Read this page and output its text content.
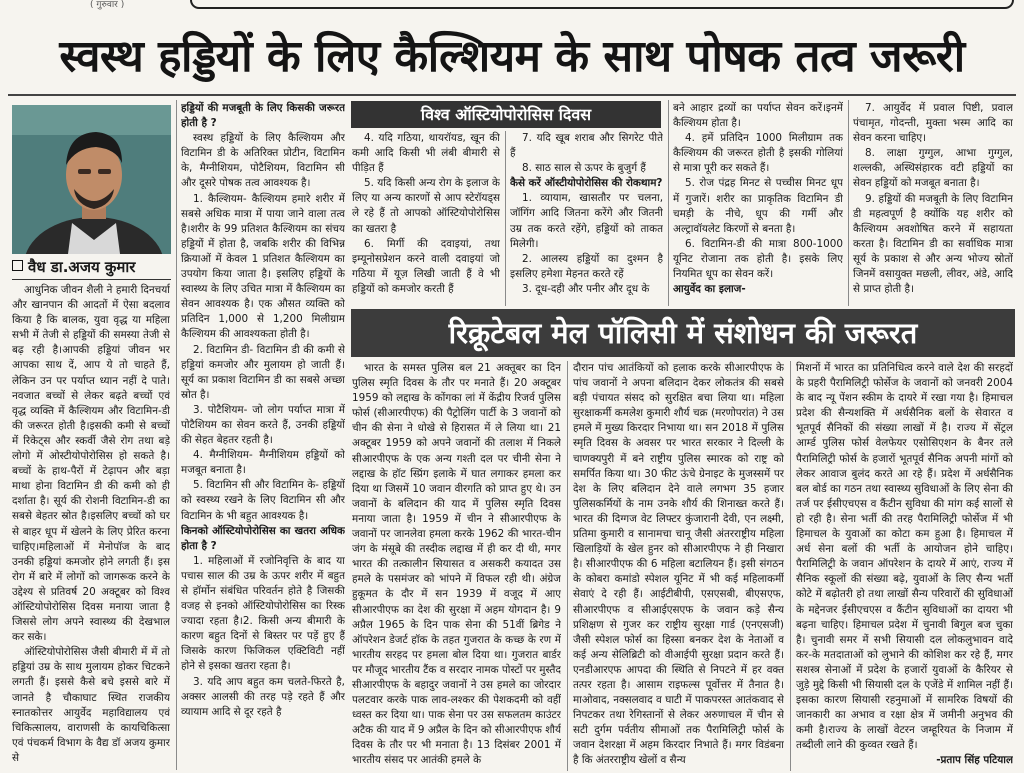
( गुरुवार )
स्वस्थ हड्डियों के लिए कैल्शियम के साथ पोषक तत्व जरूरी
वैध डा.अजय कुमार

आधुनिक जीवन शैली ने हमारी दिनचर्या और खानपान की आदतों में ऐसा बदलाव किया है कि बालक, युवा वृद्ध या महिला सभी में तेजी से हड्डियों की समस्या तेजी से बढ़ रही है।आपकी हड्डियां जीवन भर आपका साथ दें, आप ये तो चाहते हैं, लेकिन उन पर पर्याप्त ध्यान नहीं दे पाते। नवजात बच्चों से लेकर बढ़ते बच्चों एवं वृद्ध व्यक्ति में कैल्शियम और विटामिन-डी की जरूरत होती है।इसकी कमी से बच्चों में रिकेट्स और स्कर्वी जैसे रोग तथा बड़े लोगो में ओस्टीयोपोरोसिस हो सकते है।बच्चों के हाथ-पैरों में टेढ़ापन और बड़ा माथा होना विटामिन डी की कमी को ही दर्शाता है। सूर्य की रोशनी विटामिन-डी का सबसे बेहतर स्रोत है।इसलिए बच्चों को घर से बाहर धूप में खेलने के लिए प्रेरित करना चाहिए।महिलाओं में मेनोपॉज के बाद उनकी हड्डियां कमजोर होने लगती हैं। इस रोग में बारे में लोगों को जागरूक करने के उद्देश्य से प्रतिवर्ष 20 अक्टूबर को विश्व ऑस्टियोपोरोसिस दिवस मनाया जाता है जिससे लोग अपने स्वास्थ्य की देखभाल कर सके।

ऑस्टियोपोरोसिस जैसी बीमारी में में तो हड्डियां उम्र के साथ मुलायम होकर चिटकने लगती हैं। इससे कैसे बचे इससे बारे में जानते है चौकाघाट स्थित राजकीय स्नातकोत्तर आयुर्वेद महाविद्यालय एवं चिकित्सालय, वाराणसी के कायचिकित्सा एवं पंचकर्म विभाग के वैद्य डॉ अजय कुमार से

हड्डियों की मजबूती के लिए किसकी जरूरत होती है ?

स्वस्थ हड्डियों के लिए कैल्शियम और विटामिन डी के अतिरिक्त प्रोटीन, विटामिन के, मैग्नीशियम, पोटैशियम, विटामिन सी और दूसरे पोषक तत्व आवश्यक है।

1. कैल्शियम- कैल्शियम हमारे शरीर में सबसे अधिक मात्रा में पाया जाने वाला तत्व है।शरीर के 99 प्रतिशत कैल्शियम का संचय हड्डियों में होता है, जबकि शरीर की विभिन्न क्रियाओं में केवल 1 प्रतिशत कैल्शियम का उपयोग किया जाता है। इसलिए हड्डियों के स्वास्थ्य के लिए उचित मात्रा में कैल्शियम का सेवन आवश्यक है। एक औसत व्यक्ति को प्रतिदिन 1,000 से 1,200 मिलीग्राम कैल्शियम की आवश्यकता होती है।

2. विटामिन डी- विटामिन डी की कमी से हड्डियां कमजोर और मुलायम हो जाती हैं। सूर्य का प्रकाश विटामिन डी का सबसे अच्छा स्रोत है।

3. पोटैशियम- जो लोग पर्याप्त मात्रा में पोटैशियम का सेवन करते हैं, उनकी हड्डियों की सेहत बेहतर रहती है।

4. मैग्नीशियम- मैग्नीशियम हड्डियों को मजबूत बनाता है।

5. विटामिन सी और विटामिन के- हड्डियों को स्वस्थ्य रखने के लिए विटामिन सी और विटामिन के भी बहुत आवश्यक है।

किनको ऑस्टियोपोरोसिस का खतरा अधिक होता है ?

1. महिलाओं में रजोनिवृत्ति के बाद या पचास साल की उम्र के ऊपर शरीर में बहुत से हॉर्मोन संबंधित परिवर्तन होते है जिसकी वजह से इनको ऑस्टियोपोरोसिस का रिस्क ज्यादा रहता है।2. किसी अन्य बीमारी के कारण बहुत दिनों से बिस्तर पर पड़ें हुए हैं जिसके कारण फिजिकल एक्टिविटी नहीं होने से इसका खतरा रहता है।

3. यदि आप बहुत कम चलते-फिरते है, अक्सर आलसी की तरह पड़े रहते हैं और व्यायाम आदि से दूर रहते है

विश्व ऑस्टियोपोरोसिस दिवस

4. यदि गठिया, थायरॉयड, खून की कमी आदि किसी भी लंबी बीमारी से पीड़ित हैं

5. यदि किसी अन्य रोग के इलाज के लिए या अन्य कारणों से आप स्टेरॉयड्स ले रहे हैं तो आपको ऑस्टियोपोरोसिस का खतरा है

6. मिर्गी की दवाइयां, तथा इम्यूनोसप्रेशन करने वाली दवाइयां जो गठिया में यूज़ लिखी जाती हैं वे भी हड्डियों को कमजोर करती हैं

7. यदि खूब शराब और सिगरेट पीते हैं

8. साठ साल से ऊपर के बुजुर्ग हैं

कैसे करें ऑस्टीयोपोरोसिस की रोकथाम?

1. व्यायाम, खासतौर पर चलना, जॉगिंग आदि जितना करेंगे और जितनी उम्र तक करते रहेंगे, हड्डियों को ताकत मिलेगी।

2. आलस्य हड्डियों का दुश्मन है इसलिए हमेशा मेहनत करते रहें

3. दूध-दही और पनीर और दूध के

बने आहार द्रव्यों का पर्याप्त सेवन करें।इनमें कैल्शियम होता है।

4. हमें प्रतिदिन 1000 मिलीग्राम तक कैल्शियम की जरूरत होती है इसकी गोलियां से मात्रा पूरी कर सकते हैं।

5. रोज पंद्रह मिनट से पच्चीस मिनट धूप में गुजारें। शरीर का प्राकृतिक विटामिन डी चमड़ी के नीचे, धूप की गर्मी और अल्ट्रावॉयलेट किरणों से बनता है।

6. विटामिन-डी की मात्रा 800-1000 यूनिट रोजाना तक होती है। इसके लिए नियमित धूप का सेवन करें।

आयुर्वेद का इलाज-

7. आयुर्वेद में प्रवाल पिष्टी, प्रवाल पंचामृत, गोदन्ती, मुक्ता भस्म आदि का सेवन करना चाहिए।

8. लाक्षा गुग्गुल, आभा गुग्गुल, शल्लकी, अस्थिसंहारक वटी हड्डियों का सेवन हड्डियों को मजबूत बनाता है।

9. हड्डियों की मजबूती के लिए विटामिन डी महत्वपूर्ण है क्योंकि यह शरीर को कैल्शियम अवशोषित करने में सहायता करता है। विटामिन डी का सर्वाधिक मात्रा सूर्य के प्रकाश से और अन्य भोज्य स्रोतों जिनमें वसायुक्त मछली, लीवर, अंडे, आदि से प्राप्त होती है।

रिक्रूटेबल मेल पॉलिसी में संशोधन की जरूरत

भारत के समस्त पुलिस बल 21 अक्तूबर का दिन पुलिस स्मृति दिवस के तौर पर मनाते हैं। 20 अक्टूबर 1959 को लद्दाख के कोंगका लां में केंद्रीय रिजर्व पुलिस फोर्स (सीआरपीएफ) की पैट्रोलिंग पार्टी के 3 जवानों को चीन की सेना ने धोखे से हिरासत में ले लिया था। 21 अक्टूबर 1959 को अपने जवानों की तलाश में निकले सीआरपीएफ के एक अन्य गश्ती दल पर चीनी सेना ने लद्दाख के हॉट स्प्रिंग इलाके में घात लगाकर हमला कर दिया था जिसमें 10 जवान वीरगति को प्राप्त हुए थे। उन जवानों के बलिदान की याद में पुलिस स्मृति दिवस मनाया जाता है। 1959 में चीन ने सीआरपीएफ के जवानों पर जानलेवा हमला करके 1962 की भारत-चीन जंग के मंसूबे की तस्दीक लद्दाख में ही कर दी थी, मगर भारत की तत्कालीन सियासत व असकरी कयादत उस हमले के पसमंजर को भांपने में विफल रही थी। अंग्रेज हुकूमत के दौर में सन 1939 में वजूद में आए सीआरपीएफ का देश की सुरक्षा में अहम योगदान है। 9 अप्रैल 1965 के दिन पाक सेना की 51वीं ब्रिगेड ने ऑपरेशन डेजर्ट हॉक के तहत गुजरात के कच्छ के रण में भारतीय सरहद पर हमला बोल दिया था। गुजरात बार्डर पर मौजूद भारतीय टैंक व सरदार नामक पोस्टों पर मुस्तैद सीआरपीएफ के बहादुर जवानों ने उस हमले का जोरदार पलटवार करके पाक लाव-लश्कर की पेशकदमी को वहीं ध्वस्त कर दिया था। पाक सेना पर उस सफलतम काउंटर अटैक की याद में 9 अप्रैल के दिन को सीआरपीएफ शौर्य दिवस के तौर पर भी मनाता है। 13 दिसंबर 2001 में भारतीय संसद पर आतंकी हमले के

दौरान पांच आतंकियों को हलाक करके सीआरपीएफ के पांच जवानों ने अपना बलिदान देकर लोकतंत्र की सबसे बड़ी पंचायत संसद को सुरक्षित बचा लिया था। महिला सुरक्षाकर्मी कमलेश कुमारी शौर्य चक्र (मरणोपरांत) ने उस हमले में मुख्य किरदार निभाया था। सन 2018 में पुलिस स्मृति दिवस के अवसर पर भारत सरकार ने दिल्ली के चाणक्यपुरी में बने राष्ट्रीय पुलिस स्मारक को राष्ट्र को समर्पित किया था। 30 फीट ऊंचे ग्रेनाइट के मुजस्समें पर देश के लिए बलिदान देने वाले लगभग 35 हजार पुलिसकर्मियों के नाम उनके शौर्य की शिनाख्त करते हैं। भारत की दिग्गज वेट लिफ्टर कुंजारानी देवी, एन लक्ष्मी, प्रतिमा कुमारी व सानामचा चानू जैसी अंतरराष्ट्रीय महिला खिलाड़ियों के खेल हुनर को सीआरपीएफ ने ही निखारा है। सीआरपीएफ की 6 महिला बटालियन हैं। इसी संगठन के कोबरा कमांडो स्पेशल यूनिट में भी कई महिलाकर्मी सेवाएं दे रही हैं। आईटीबीपी, एसएसबी, बीएसएफ, सीआरपीएफ व सीआईएसएफ के जवान कड़े सैन्य प्रशिक्षण से गुजर कर राष्ट्रीय सुरक्षा गार्ड (एनएसजी) जैसी स्पेशल फोर्स का हिस्सा बनकर देश के नेताओं व कई अन्य सेलिब्रिटी को वीआईपी सुरक्षा प्रदान करते हैं। एनडीआरएफ आपदा की स्थिति से निपटने में हर वक्त तत्पर रहता है। आसाम राइफल्स पूर्वोत्तर में तैनात है। माओवाद, नक्सलवाद व घाटी में पाकपरस्त आतंकवाद से निपटकर तथा रेगिस्तानों से लेकर अरुणाचल में चीन से सटी दुर्गम पर्वतीय सीमाओं तक पैरामिलिट्री फोर्स के जवान देशरक्षा में अहम किरदार निभाते हैं। मगर विडंबना है कि अंतरराष्ट्रीय खेलों व सैन्य

मिशनों में भारत का प्रतिनिधित्व करने वाले देश की सरहदों के प्रहरी पैरामिलिट्री फोर्सेज के जवानों को जनवरी 2004 के बाद न्यू पेंशन स्कीम के दायरे में रखा गया है। हिमाचल प्रदेश की सैन्यशक्ति में अर्धसैनिक बलों के सेवारत व भूतपूर्व सैनिकों की संख्या लाखों में है। राज्य में सेंट्रल आर्म्ड पुलिस फोर्स वेलफेयर एसोसिएशन के बैनर तले पैरामिलिट्री फोर्स के हजारों भूतपूर्व सैनिक अपनी मांगों को लेकर आवाज बुलंद करते आ रहे हैं। प्रदेश में अर्धसैनिक बल बोर्ड का गठन तथा स्वास्थ्य सुविधाओं के लिए सेना की तर्ज पर ईसीएचएस व कैंटीन सुविधा की मांग कई सालों से हो रही है। सेना भर्ती की तरह पैरामिलिट्री फोर्सेज में भी हिमाचल के युवाओं का कोटा कम हुआ है। हिमाचल में अर्ध सेना बलों की भर्ती के आयोजन होने चाहिए। पैरामिलिट्री के जवान ऑपरेशन के दायरे में आएं, राज्य में सैनिक स्कूलों की संख्या बढ़े, युवाओं के लिए सैन्य भर्ती कोटे में बढ़ोतरी हो तथा लाखों सैन्य परिवारों की सुविधाओं के मद्देनजर ईसीएचएस व कैंटीन सुविधाओं का दायरा भी बढ़ना चाहिए। हिमाचल प्रदेश में चुनावी बिगुल बज चुका है। चुनावी समर में सभी सियासी दल लोकलुभावन वादे कर-के मतदाताओं को लुभाने की कोशिश कर रहे हैं, मगर सशस्त्र सेनाओं में प्रदेश के हजारों युवाओं के कैरियर से जुड़े मुद्दे किसी भी सियासी दल के एजेंडे में शामिल नहीं हैं। इसका कारण सियासी रहनुमाओं में सामरिक विषयों की जानकारी का अभाव व रक्षा क्षेत्र में जमीनी अनुभव की कमी है।राज्य के लाखों वेटरन जम्हूरियत के निजाम में तब्दीली लाने की कुव्वत रखते हैं।

-प्रताप सिंह पटियाल
